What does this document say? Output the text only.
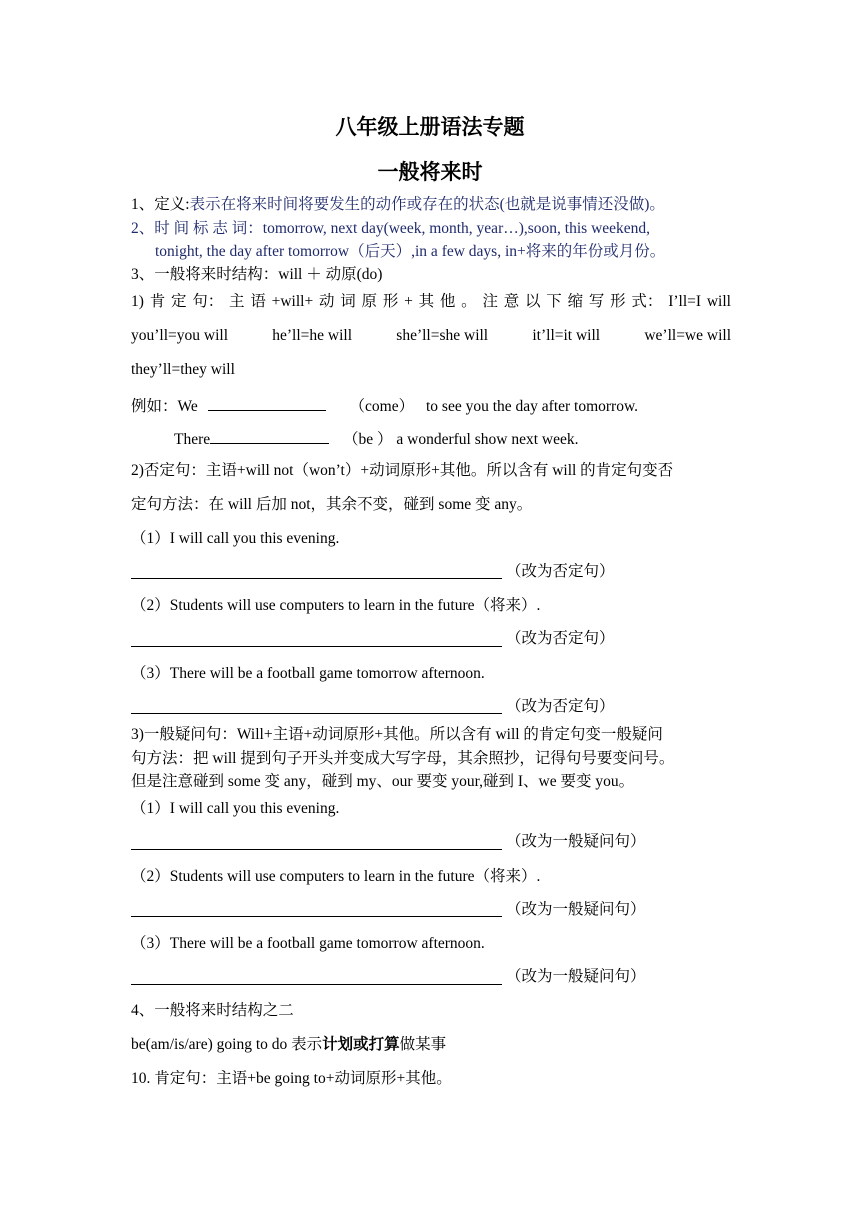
八年级上册语法专题
一般将来时
1、定义:表示在将来时间将要发生的动作或存在的状态(也就是说事情还没做)。
2、时 间 标 志 词：tomorrow, next day(week, month, year…),soon, this weekend,
tonight, the day after tomorrow（后天）,in a few days, in+将来的年份或月份。
3、一般将来时结构：will ＋ 动原(do)
1) 肯 定 句： 主 语 +will+ 动 词 原 形 + 其 他 。 注 意 以 下 缩 写 形 式： I’ll=I will
you’ll=you will	he’ll=he will	she’ll=she will	it’ll=it will	we’ll=we will
they’ll=they will
例如：We	（come） to see you the day after tomorrow.
There	（be ） a wonderful show next week.
2)否定句：主语+will not（won’t）+动词原形+其他。所以含有 will 的肯定句变否
定句方法：在 will 后加 not，其余不变，碰到 some 变 any。
（1）I will call you this evening.
（改为否定句）
（2）Students will use computers to learn in the future（将来）.
（改为否定句）
（3）There will be a football game tomorrow afternoon.
（改为否定句）
3)一般疑问句：Will+主语+动词原形+其他。所以含有 will 的肯定句变一般疑问
句方法：把 will 提到句子开头并变成大写字母，其余照抄，记得句号要变问号。
但是注意碰到 some 变 any，碰到 my、our 要变 your,碰到 I、we 要变 you。
（1）I will call you this evening.
（改为一般疑问句）
（2）Students will use computers to learn in the future（将来）.
（改为一般疑问句）
（3）There will be a football game tomorrow afternoon.
（改为一般疑问句）
4、一般将来时结构之二
be(am/is/are) going to do 表示计划或打算做某事
10. 肯定句：主语+be going to+动词原形+其他。
